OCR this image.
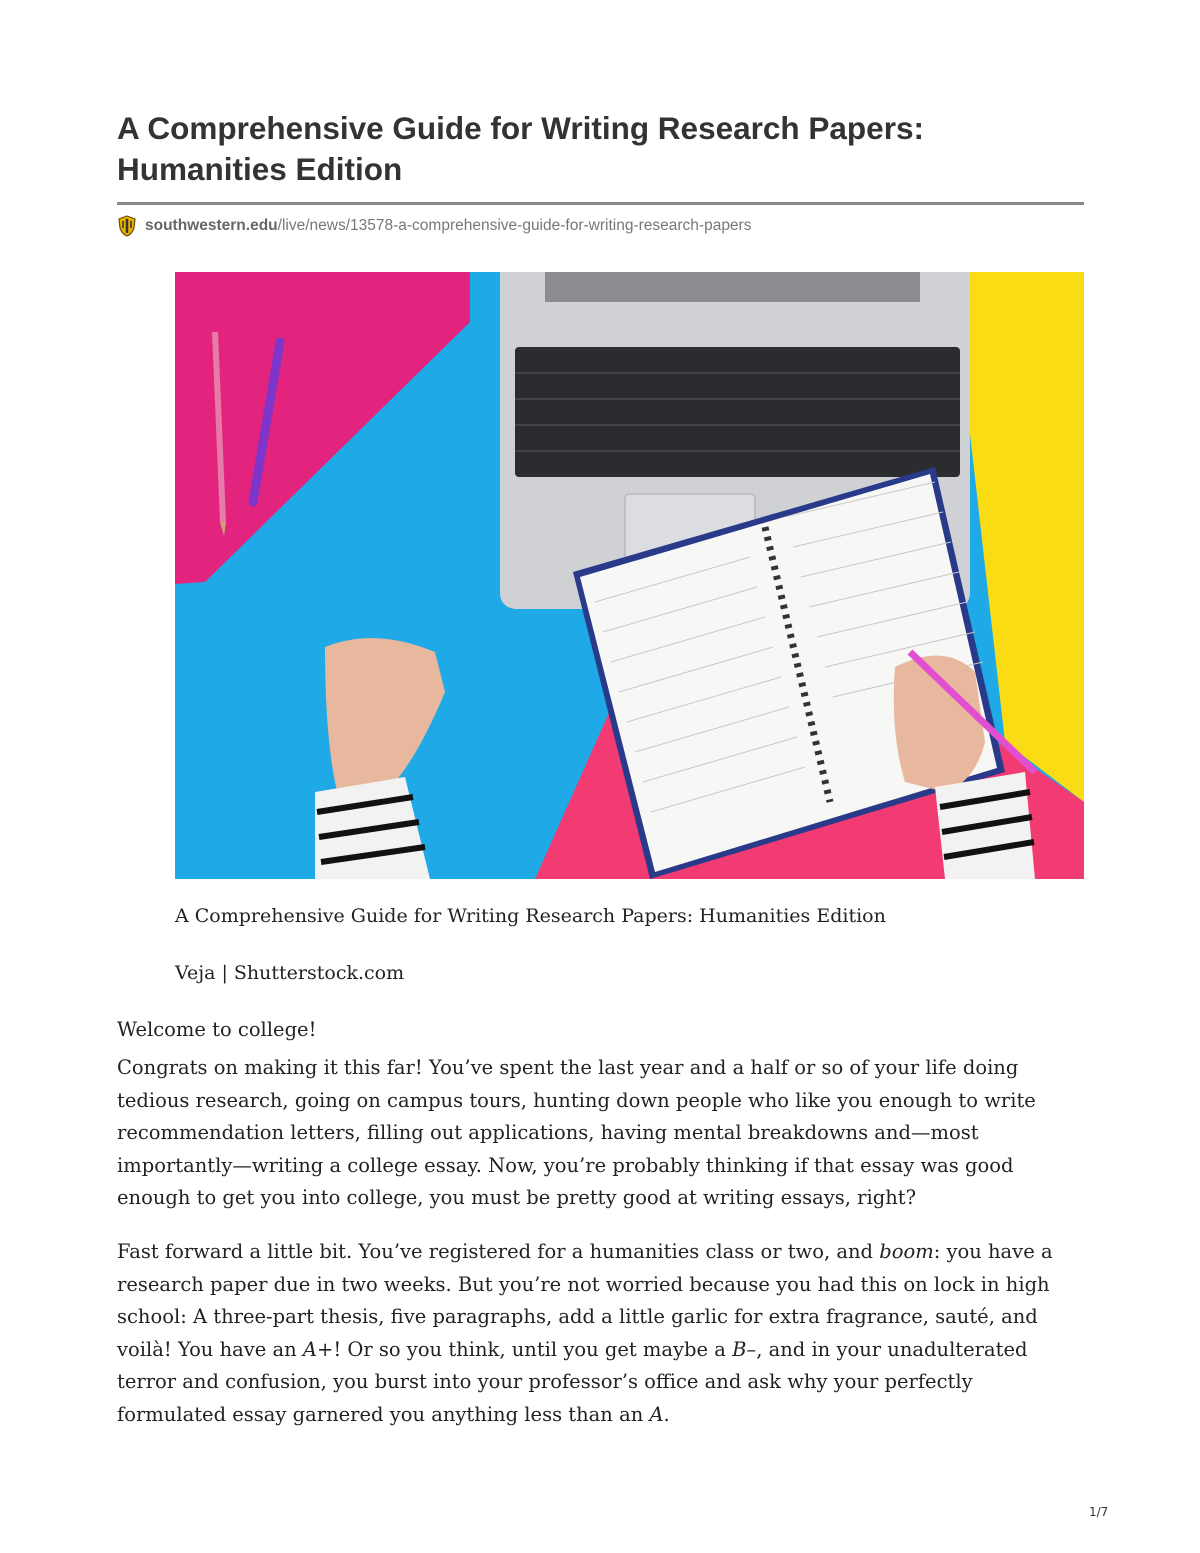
A Comprehensive Guide for Writing Research Papers: Humanities Edition
southwestern.edu /live/news/13578-a-comprehensive-guide-for-writing-research-papers

A Comprehensive Guide for Writing Research Papers: Humanities Edition

Veja | Shutterstock.com

Welcome to college!

Congrats on making it this far! You’ve spent the last year and a half or so of your life doing tedious research, going on campus tours, hunting down people who like you enough to write recommendation letters, filling out applications, having mental breakdowns and—most importantly—writing a college essay. Now, you’re probably thinking if that essay was good enough to get you into college, you must be pretty good at writing essays, right?

Fast forward a little bit. You’ve registered for a humanities class or two, and boom: you have a research paper due in two weeks. But you’re not worried because you had this on lock in high school: A three-part thesis, five paragraphs, add a little garlic for extra fragrance, sauté, and voilà! You have an A+! Or so you think, until you get maybe a B–, and in your unadulterated terror and confusion, you burst into your professor’s office and ask why your perfectly formulated essay garnered you anything less than an A.

1/7
